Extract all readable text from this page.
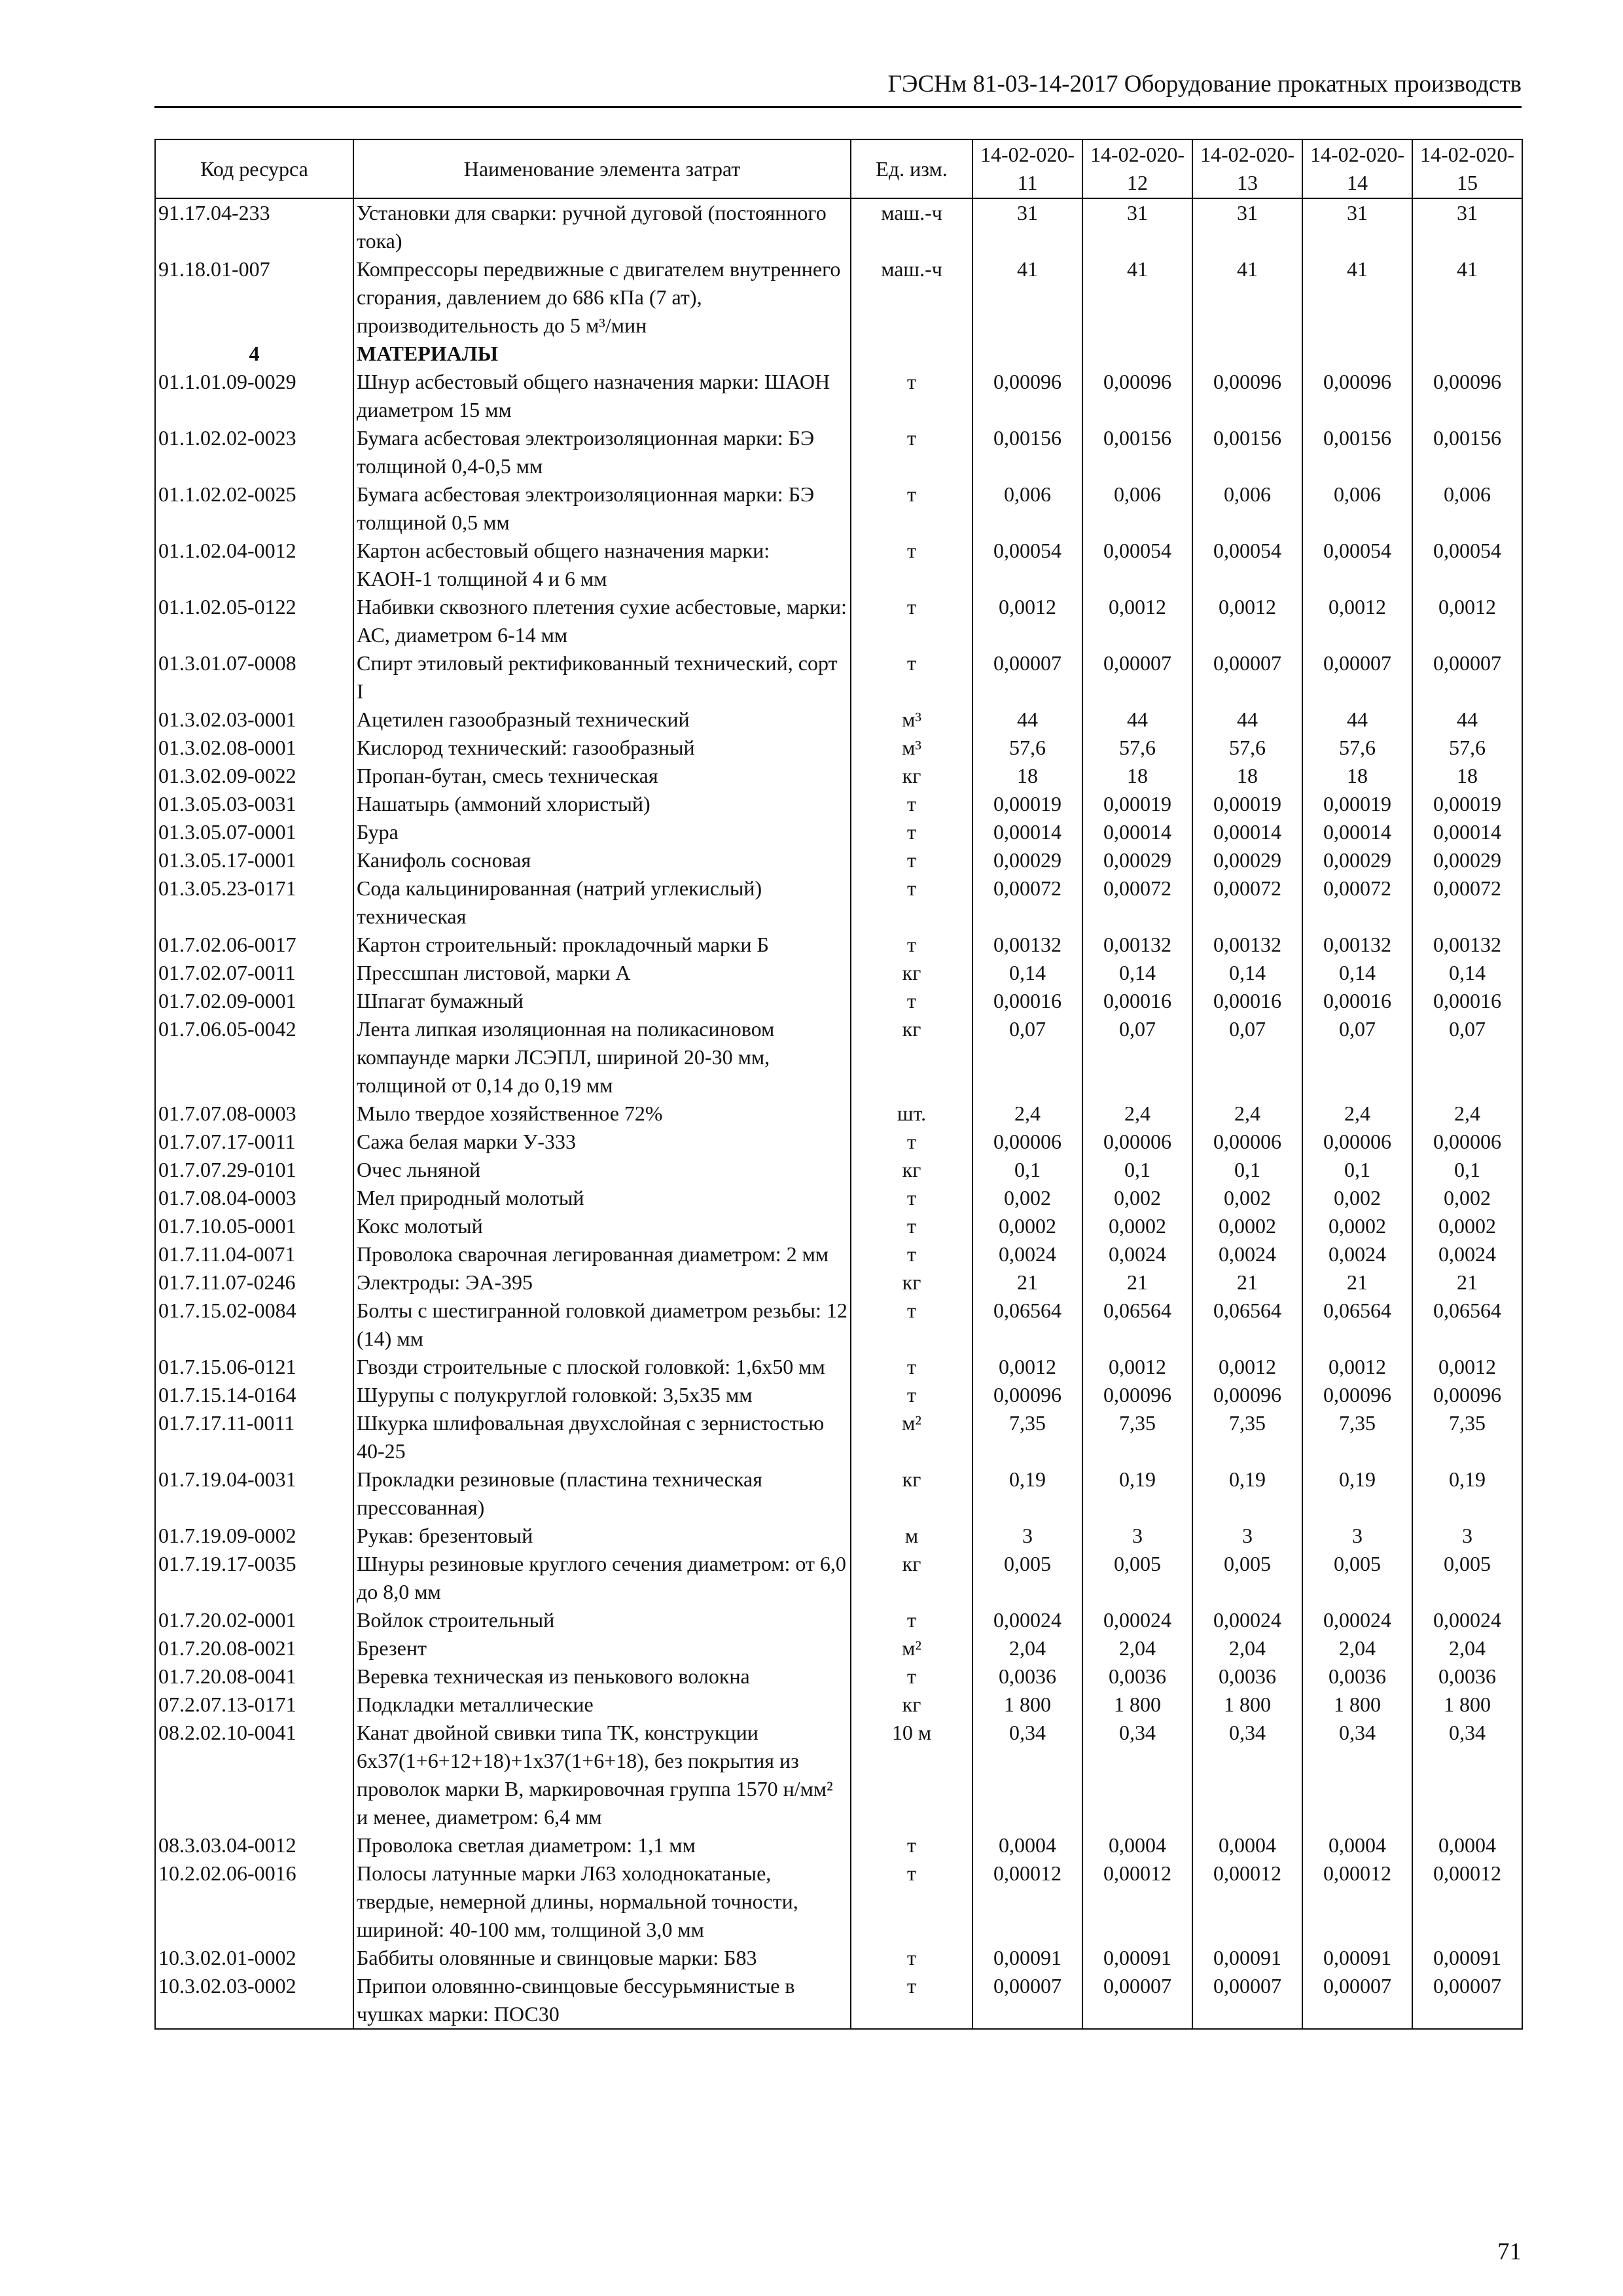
ГЭСНм 81-03-14-2017 Оборудование прокатных производств
Код ресурса	Наименование элемента затрат	Ед. изм.	14-02-020-11	14-02-020-12	14-02-020-13	14-02-020-14	14-02-020-15
91.17.04-233	Установки для сварки: ручной дуговой (постоянного тока)	маш.-ч	31	31	31	31	31
91.18.01-007	Компрессоры передвижные с двигателем внутреннего сгорания, давлением до 686 кПа (7 ат), производительность до 5 м³/мин	маш.-ч	41	41	41	41	41
4	МАТЕРИАЛЫ						
01.1.01.09-0029	Шнур асбестовый общего назначения марки: ШАОН диаметром 15 мм	т	0,00096	0,00096	0,00096	0,00096	0,00096
01.1.02.02-0023	Бумага асбестовая электроизоляционная марки: БЭ толщиной 0,4-0,5 мм	т	0,00156	0,00156	0,00156	0,00156	0,00156
01.1.02.02-0025	Бумага асбестовая электроизоляционная марки: БЭ толщиной 0,5 мм	т	0,006	0,006	0,006	0,006	0,006
01.1.02.04-0012	Картон асбестовый общего назначения марки: КАОН-1 толщиной 4 и 6 мм	т	0,00054	0,00054	0,00054	0,00054	0,00054
01.1.02.05-0122	Набивки сквозного плетения сухие асбестовые, марки: АС, диаметром 6-14 мм	т	0,0012	0,0012	0,0012	0,0012	0,0012
01.3.01.07-0008	Спирт этиловый ректификованный технический, сорт I	т	0,00007	0,00007	0,00007	0,00007	0,00007
01.3.02.03-0001	Ацетилен газообразный технический	м³	44	44	44	44	44
01.3.02.08-0001	Кислород технический: газообразный	м³	57,6	57,6	57,6	57,6	57,6
01.3.02.09-0022	Пропан-бутан, смесь техническая	кг	18	18	18	18	18
01.3.05.03-0031	Нашатырь (аммоний хлористый)	т	0,00019	0,00019	0,00019	0,00019	0,00019
01.3.05.07-0001	Бура	т	0,00014	0,00014	0,00014	0,00014	0,00014
01.3.05.17-0001	Канифоль сосновая	т	0,00029	0,00029	0,00029	0,00029	0,00029
01.3.05.23-0171	Сода кальцинированная (натрий углекислый) техническая	т	0,00072	0,00072	0,00072	0,00072	0,00072
01.7.02.06-0017	Картон строительный: прокладочный марки Б	т	0,00132	0,00132	0,00132	0,00132	0,00132
01.7.02.07-0011	Прессшпан листовой, марки А	кг	0,14	0,14	0,14	0,14	0,14
01.7.02.09-0001	Шпагат бумажный	т	0,00016	0,00016	0,00016	0,00016	0,00016
01.7.06.05-0042	Лента липкая изоляционная на поликасиновом компаунде марки ЛСЭПЛ, шириной 20-30 мм, толщиной от 0,14 до 0,19 мм	кг	0,07	0,07	0,07	0,07	0,07
01.7.07.08-0003	Мыло твердое хозяйственное 72%	шт.	2,4	2,4	2,4	2,4	2,4
01.7.07.17-0011	Сажа белая марки У-333	т	0,00006	0,00006	0,00006	0,00006	0,00006
01.7.07.29-0101	Очес льняной	кг	0,1	0,1	0,1	0,1	0,1
01.7.08.04-0003	Мел природный молотый	т	0,002	0,002	0,002	0,002	0,002
01.7.10.05-0001	Кокс молотый	т	0,0002	0,0002	0,0002	0,0002	0,0002
01.7.11.04-0071	Проволока сварочная легированная диаметром: 2 мм	т	0,0024	0,0024	0,0024	0,0024	0,0024
01.7.11.07-0246	Электроды: ЭА-395	кг	21	21	21	21	21
01.7.15.02-0084	Болты с шестигранной головкой диаметром резьбы: 12 (14) мм	т	0,06564	0,06564	0,06564	0,06564	0,06564
01.7.15.06-0121	Гвозди строительные с плоской головкой: 1,6х50 мм	т	0,0012	0,0012	0,0012	0,0012	0,0012
01.7.15.14-0164	Шурупы с полукруглой головкой: 3,5х35 мм	т	0,00096	0,00096	0,00096	0,00096	0,00096
01.7.17.11-0011	Шкурка шлифовальная двухслойная с зернистостью 40-25	м²	7,35	7,35	7,35	7,35	7,35
01.7.19.04-0031	Прокладки резиновые (пластина техническая прессованная)	кг	0,19	0,19	0,19	0,19	0,19
01.7.19.09-0002	Рукав: брезентовый	м	3	3	3	3	3
01.7.19.17-0035	Шнуры резиновые круглого сечения диаметром: от 6,0 до 8,0 мм	кг	0,005	0,005	0,005	0,005	0,005
01.7.20.02-0001	Войлок строительный	т	0,00024	0,00024	0,00024	0,00024	0,00024
01.7.20.08-0021	Брезент	м²	2,04	2,04	2,04	2,04	2,04
01.7.20.08-0041	Веревка техническая из пенькового волокна	т	0,0036	0,0036	0,0036	0,0036	0,0036
07.2.07.13-0171	Подкладки металлические	кг	1 800	1 800	1 800	1 800	1 800
08.2.02.10-0041	Канат двойной свивки типа ТК, конструкции 6х37(1+6+12+18)+1х37(1+6+18), без покрытия из проволок марки В, маркировочная группа 1570 н/мм² и менее, диаметром: 6,4 мм	10 м	0,34	0,34	0,34	0,34	0,34
08.3.03.04-0012	Проволока светлая диаметром: 1,1 мм	т	0,0004	0,0004	0,0004	0,0004	0,0004
10.2.02.06-0016	Полосы латунные марки Л63 холоднокатаные, твердые, немерной длины, нормальной точности, шириной: 40-100 мм, толщиной 3,0 мм	т	0,00012	0,00012	0,00012	0,00012	0,00012
10.3.02.01-0002	Баббиты оловянные и свинцовые марки: Б83	т	0,00091	0,00091	0,00091	0,00091	0,00091
10.3.02.03-0002	Припои оловянно-свинцовые бессурьмянистые в чушках марки: ПОС30	т	0,00007	0,00007	0,00007	0,00007	0,00007
71
